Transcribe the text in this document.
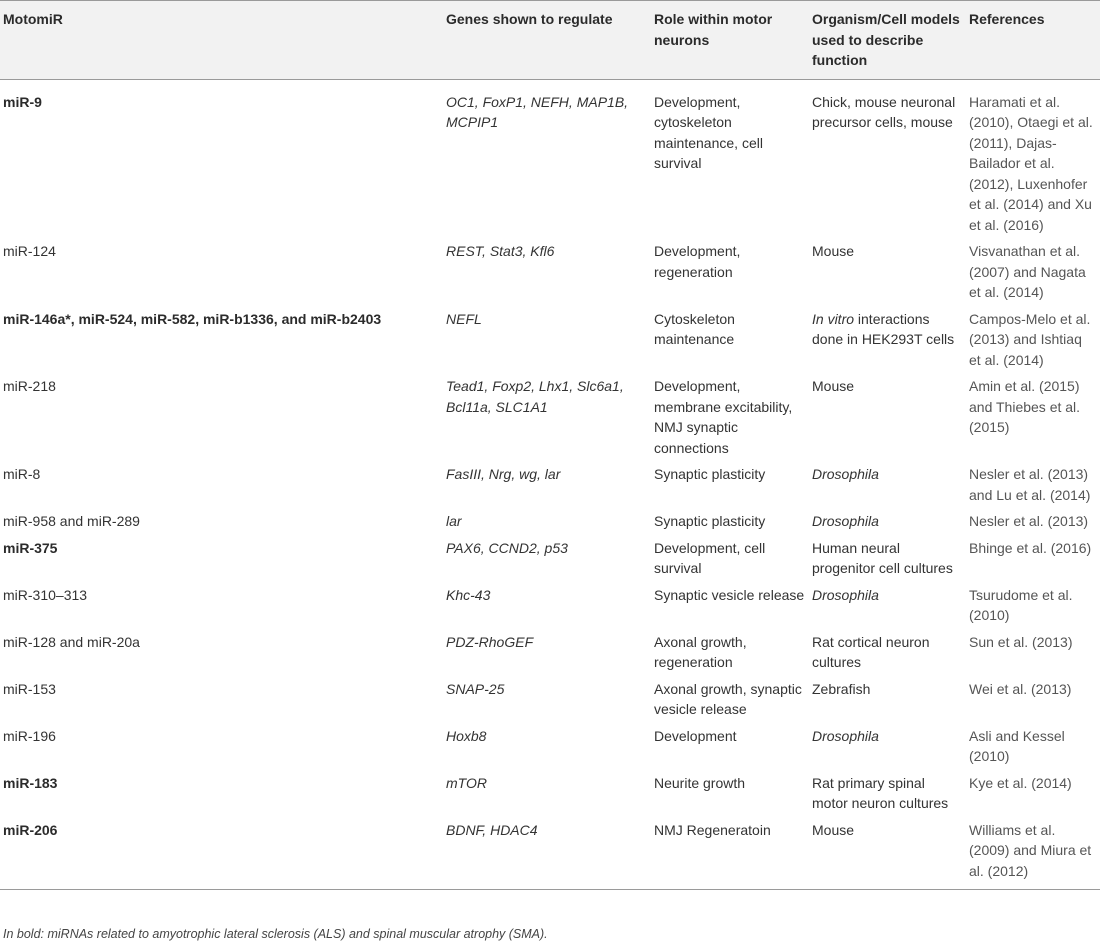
MotomiR	Genes shown to regulate	Role within motor neurons	Organism/Cell models used to describe function	References
miR-9	OC1, FoxP1, NEFH, MAP1B, MCPIP1	Development, cytoskeleton maintenance, cell survival	Chick, mouse neuronal precursor cells, mouse	Haramati et al. (2010), Otaegi et al. (2011), Dajas-Bailador et al. (2012), Luxenhofer et al. (2014) and Xu et al. (2016)
miR-124	REST, Stat3, Kfl6	Development, regeneration	Mouse	Visvanathan et al. (2007) and Nagata et al. (2014)
miR-146a*, miR-524, miR-582, miR-b1336, and miR-b2403	NEFL	Cytoskeleton maintenance	In vitro interactions done in HEK293T cells	Campos-Melo et al. (2013) and Ishtiaq et al. (2014)
miR-218	Tead1, Foxp2, Lhx1, Slc6a1, Bcl11a, SLC1A1	Development, membrane excitability, NMJ synaptic connections	Mouse	Amin et al. (2015) and Thiebes et al. (2015)
miR-8	FasIII, Nrg, wg, lar	Synaptic plasticity	Drosophila	Nesler et al. (2013) and Lu et al. (2014)
miR-958 and miR-289	lar	Synaptic plasticity	Drosophila	Nesler et al. (2013)
miR-375	PAX6, CCND2, p53	Development, cell survival	Human neural progenitor cell cultures	Bhinge et al. (2016)
miR-310–313	Khc-43	Synaptic vesicle release	Drosophila	Tsurudome et al. (2010)
miR-128 and miR-20a	PDZ-RhoGEF	Axonal growth, regeneration	Rat cortical neuron cultures	Sun et al. (2013)
miR-153	SNAP-25	Axonal growth, synaptic vesicle release	Zebrafish	Wei et al. (2013)
miR-196	Hoxb8	Development	Drosophila	Asli and Kessel (2010)
miR-183	mTOR	Neurite growth	Rat primary spinal motor neuron cultures	Kye et al. (2014)
miR-206	BDNF, HDAC4	NMJ Regeneratoin	Mouse	Williams et al. (2009) and Miura et al. (2012)
In bold: miRNAs related to amyotrophic lateral sclerosis (ALS) and spinal muscular atrophy (SMA).
